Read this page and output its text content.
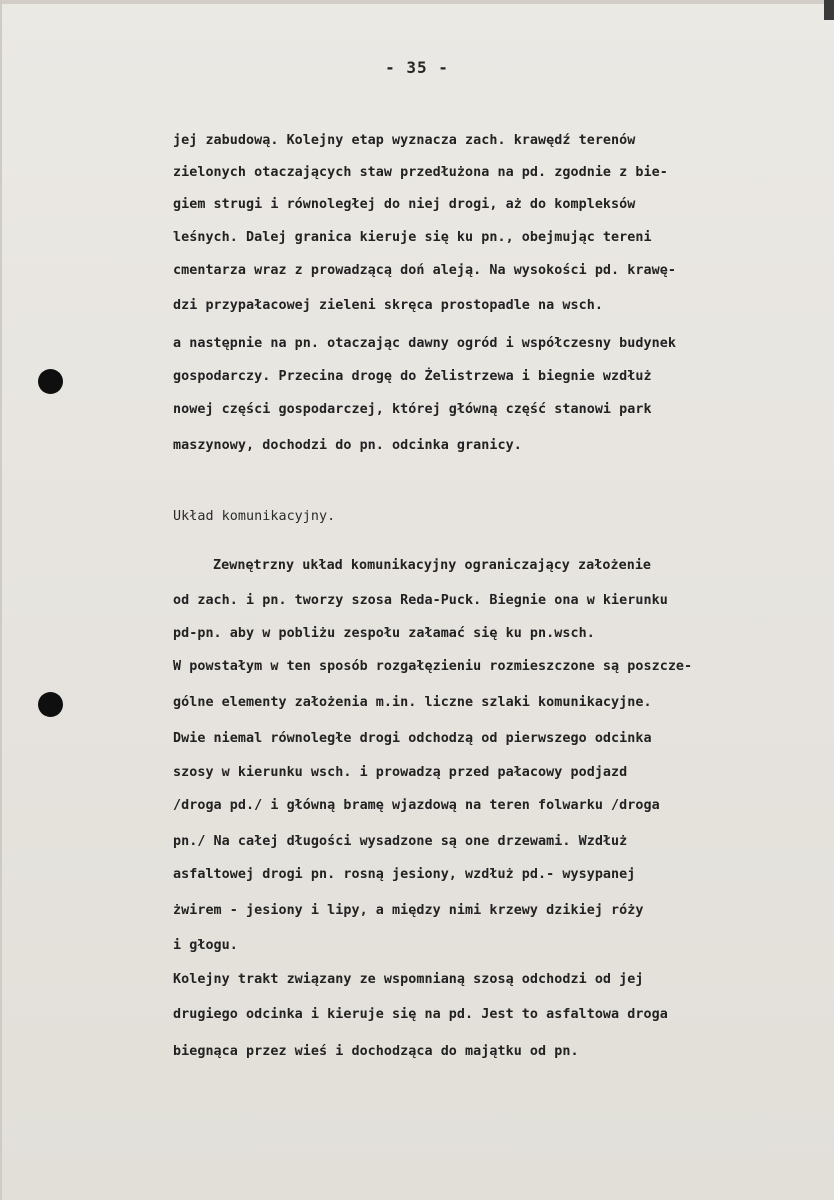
- 35 -
jej zabudową. Kolejny etap wyznacza zach. krawędź terenów
zielonych otaczających staw przedłużona na pd. zgodnie z bie-
giem strugi i równoległej do niej drogi, aż do kompleksów
leśnych. Dalej granica kieruje się ku pn., obejmując tereni
cmentarza wraz z prowadzącą doń aleją. Na wysokości pd. krawę-
dzi przypałacowej zieleni skręca prostopadle na wsch.
a następnie na pn. otaczając dawny ogród i współczesny budynek
gospodarczy. Przecina drogę do Żelistrzewa i biegnie wzdłuż
nowej części gospodarczej, której główną część stanowi park
maszynowy, dochodzi do pn. odcinka granicy.
Układ komunikacyjny.
Zewnętrzny układ komunikacyjny ograniczający założenie
od zach. i pn. tworzy szosa Reda-Puck. Biegnie ona w kierunku
pd-pn. aby w pobliżu zespołu załamać się ku pn.wsch.
W powstałym w ten sposób rozgałęzieniu rozmieszczone są poszcze-
gólne elementy założenia m.in. liczne szlaki komunikacyjne.
Dwie niemal równoległe drogi odchodzą od pierwszego odcinka
szosy w kierunku wsch. i prowadzą przed pałacowy podjazd
/droga pd./ i główną bramę wjazdową na teren folwarku /droga
pn./ Na całej długości wysadzone są one drzewami. Wzdłuż
asfaltowej drogi pn. rosną jesiony, wzdłuż pd.- wysypanej
żwirem - jesiony i lipy, a między nimi krzewy dzikiej róży
i głogu.
Kolejny trakt związany ze wspomnianą szosą odchodzi od jej
drugiego odcinka i kieruje się na pd. Jest to asfaltowa droga
biegnąca przez wieś i dochodząca do majątku od pn.
